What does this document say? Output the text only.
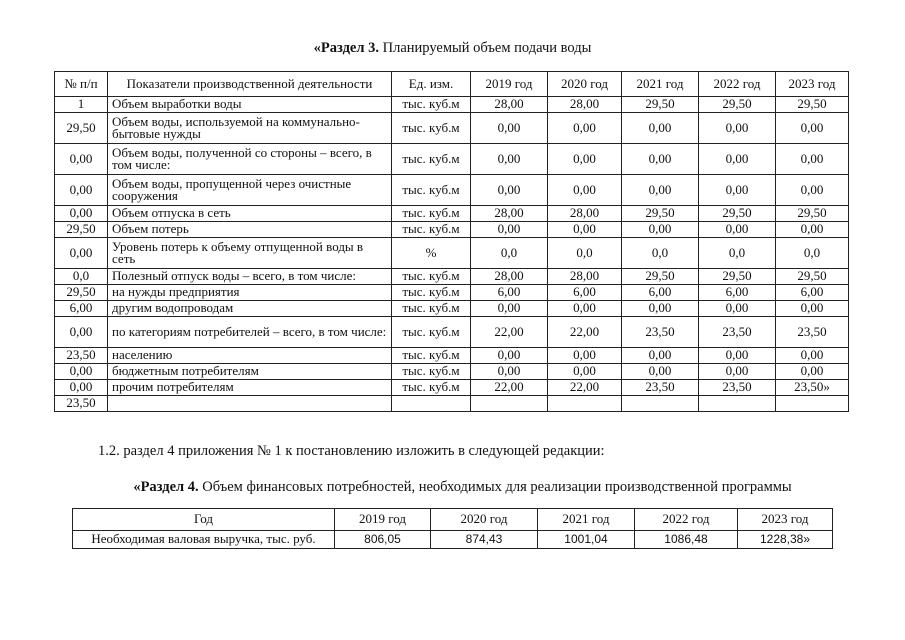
«Раздел 3. Планируемый объем подачи воды
№ п/п	Показатели производственной деятельности	Ед. изм.	2019 год	2020 год	2021 год	2022 год	2023 год
1	Объем выработки воды	тыс. куб.м	28,00	28,00	29,50	29,50	29,50
29,50	Объем воды, используемой на коммунально-бытовые нужды	тыс. куб.м	0,00	0,00	0,00	0,00	0,00
0,00	Объем воды, полученной со стороны – всего, в том числе:	тыс. куб.м	0,00	0,00	0,00	0,00	0,00
0,00	Объем воды, пропущенной через очистные сооружения	тыс. куб.м	0,00	0,00	0,00	0,00	0,00
0,00	Объем отпуска в сеть	тыс. куб.м	28,00	28,00	29,50	29,50	29,50
29,50	Объем потерь	тыс. куб.м	0,00	0,00	0,00	0,00	0,00
0,00	Уровень потерь к объему отпущенной воды в сеть	%	0,0	0,0	0,0	0,0	0,0
0,0	Полезный отпуск воды – всего, в том числе:	тыс. куб.м	28,00	28,00	29,50	29,50	29,50
29,50	на нужды предприятия	тыс. куб.м	6,00	6,00	6,00	6,00	6,00
6,00	другим водопроводам	тыс. куб.м	0,00	0,00	0,00	0,00	0,00
0,00	по категориям потребителей – всего, в том числе:	тыс. куб.м	22,00	22,00	23,50	23,50	23,50
23,50	населению	тыс. куб.м	0,00	0,00	0,00	0,00	0,00
0,00	бюджетным потребителям	тыс. куб.м	0,00	0,00	0,00	0,00	0,00
0,00	прочим потребителям	тыс. куб.м	22,00	22,00	23,50	23,50	23,50»
23,50							
1.2. раздел 4 приложения № 1 к постановлению изложить в следующей редакции:
«Раздел 4. Объем финансовых потребностей, необходимых для реализации производственной программы
Год	2019 год	2020 год	2021 год	2022 год	2023 год
Необходимая валовая выручка, тыс. руб.	806,05	874,43	1001,04	1086,48	1228,38»
